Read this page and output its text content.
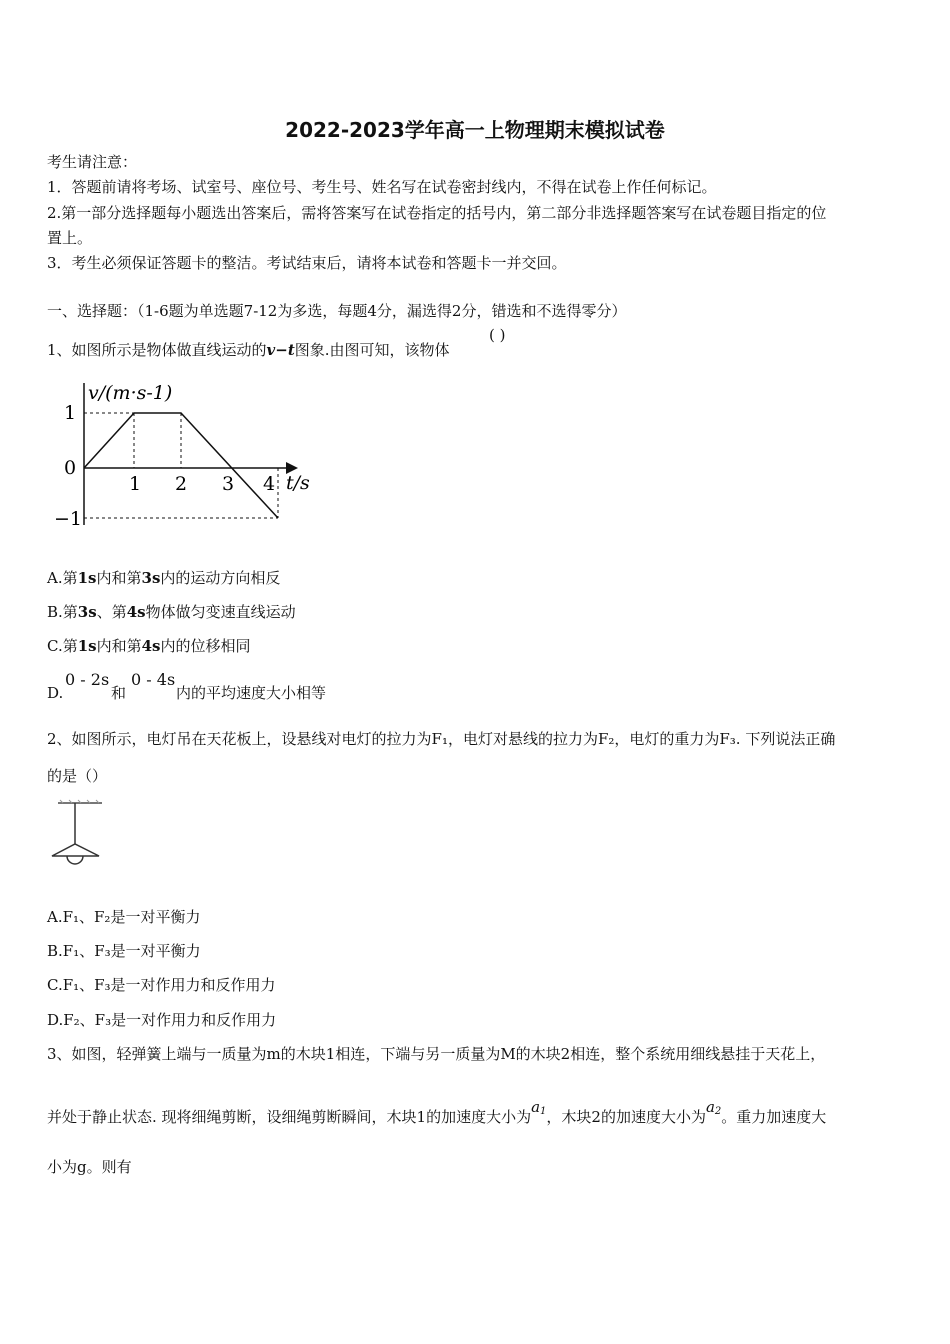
2022-2023学年高一上物理期末模拟试卷
考生请注意：
1．答题前请将考场、试室号、座位号、考生号、姓名写在试卷密封线内，不得在试卷上作任何标记。
2.第一部分选择题每小题选出答案后，需将答案写在试卷指定的括号内，第二部分非选择题答案写在试卷题目指定的位
置上。
3．考生必须保证答题卡的整洁。考试结束后，请将本试卷和答题卡一并交回。
一、选择题：（1-6题为单选题7-12为多选，每题4分，漏选得2分，错选和不选得零分）
1、如图所示是物体做直线运动的v−t图象.由图可知，该物体
( )
v/(m·s-1)
t/s
1
0
−1
1 2 3 4
A.第1s内和第3s内的运动方向相反
B.第3s、第4s物体做匀变速直线运动
C.第1s内和第4s内的位移相同
D.
0 - 2s
和
0 - 4s
内的平均速度大小相等
2、如图所示，电灯吊在天花板上，设悬线对电灯的拉力为F₁，电灯对悬线的拉力为F₂，电灯的重力为F₃. 下列说法正确
的是（）
A.F₁、F₂是一对平衡力
B.F₁、F₃是一对平衡力
C.F₁、F₃是一对作用力和反作用力
D.F₂、F₃是一对作用力和反作用力
3、如图，轻弹簧上端与一质量为m的木块1相连，下端与另一质量为M的木块2相连，整个系统用细线悬挂于天花上，
并处于静止状态. 现将细绳剪断，设细绳剪断瞬间，木块1的加速度大小为$a_1$，木块2的加速度大小为$a_2$。重力加速度大
小为g。则有
